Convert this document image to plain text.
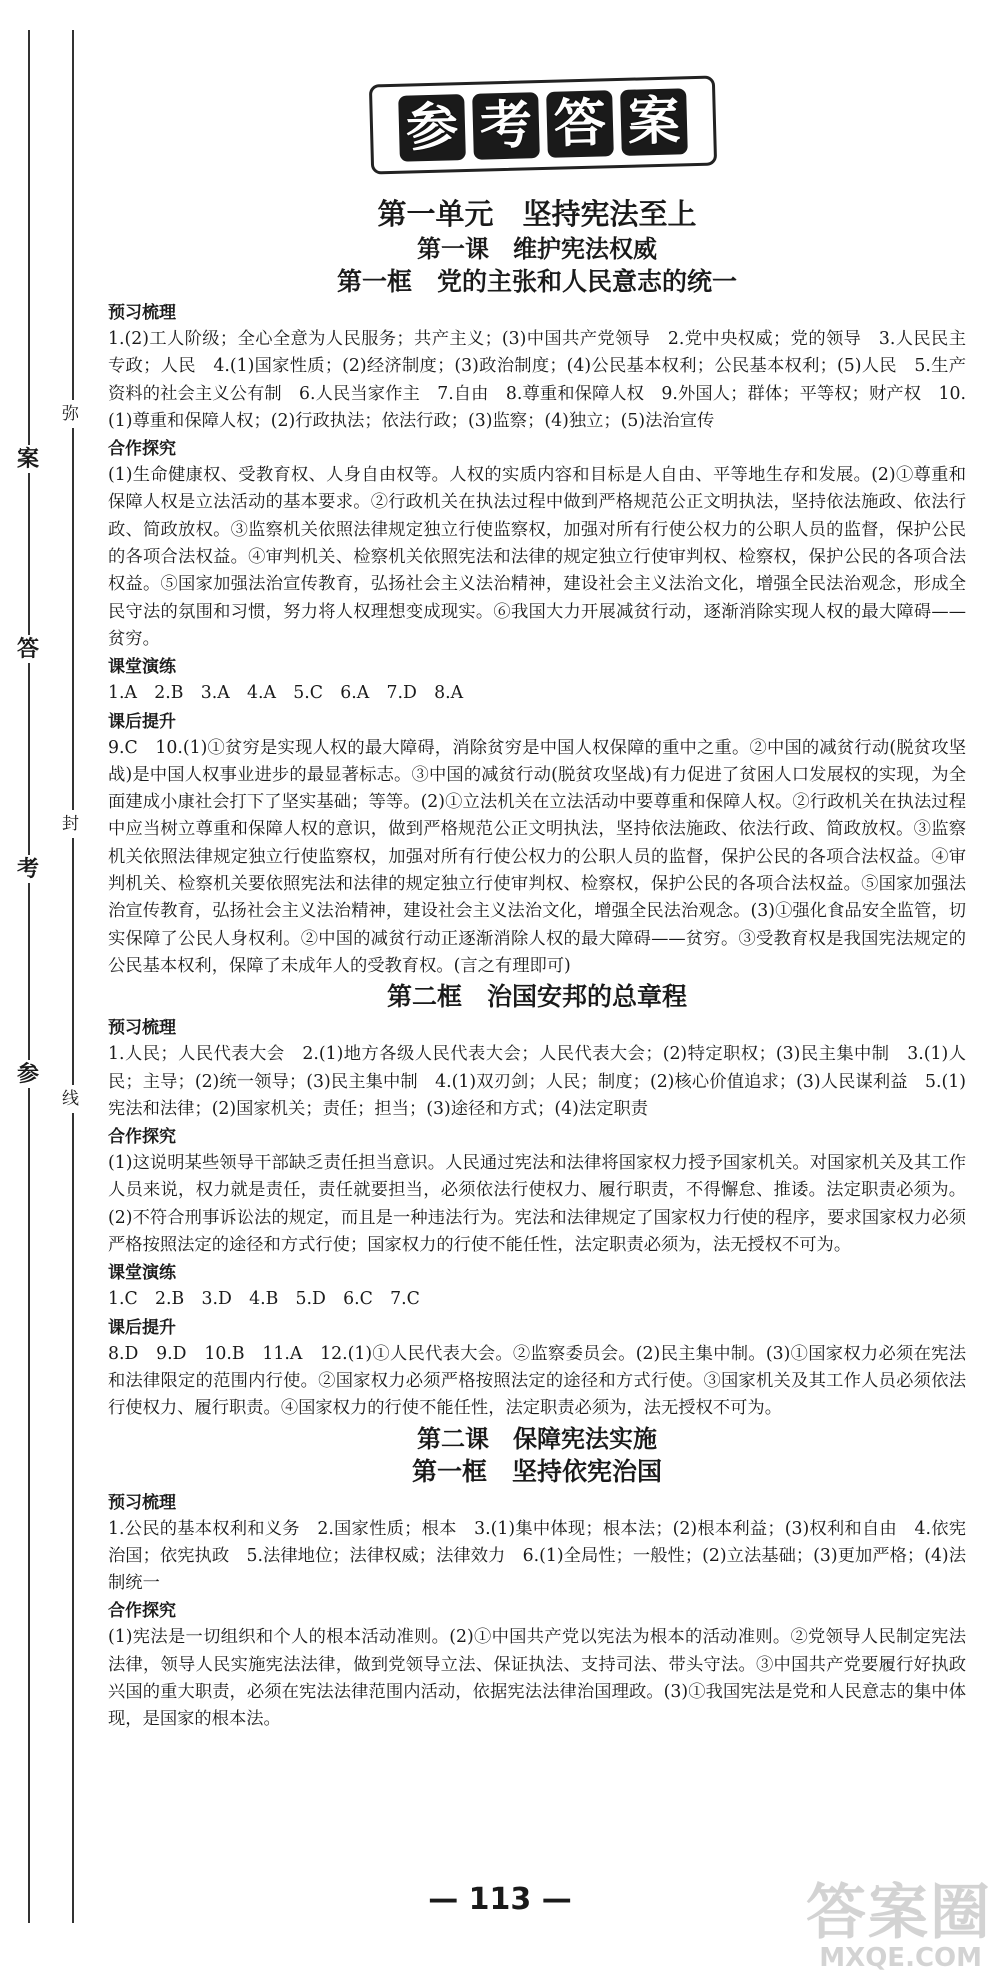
弥
案
答
封
考
参
线
参 考 答 案

第一单元　坚持宪法至上

第一课　维护宪法权威

第一框　党的主张和人民意志的统一

预习梳理

1.(2)工人阶级；全心全意为人民服务；共产主义；(3)中国共产党领导　2.党中央权威；党的领导　3.人民民主专政；人民　4.(1)国家性质；(2)经济制度；(3)政治制度；(4)公民基本权利；公民基本权利；(5)人民　5.生产资料的社会主义公有制　6.人民当家作主　7.自由　8.尊重和保障人权　9.外国人；群体；平等权；财产权　10.(1)尊重和保障人权；(2)行政执法；依法行政；(3)监察；(4)独立；(5)法治宣传

合作探究

(1)生命健康权、受教育权、人身自由权等。人权的实质内容和目标是人自由、平等地生存和发展。(2)①尊重和保障人权是立法活动的基本要求。②行政机关在执法过程中做到严格规范公正文明执法，坚持依法施政、依法行政、简政放权。③监察机关依照法律规定独立行使监察权，加强对所有行使公权力的公职人员的监督，保护公民的各项合法权益。④审判机关、检察机关依照宪法和法律的规定独立行使审判权、检察权，保护公民的各项合法权益。⑤国家加强法治宣传教育，弘扬社会主义法治精神，建设社会主义法治文化，增强全民法治观念，形成全民守法的氛围和习惯，努力将人权理想变成现实。⑥我国大力开展减贫行动，逐渐消除实现人权的最大障碍——贫穷。

课堂演练

1.A　2.B　3.A　4.A　5.C　6.A　7.D　8.A

课后提升

9.C　10.(1)①贫穷是实现人权的最大障碍，消除贫穷是中国人权保障的重中之重。②中国的减贫行动(脱贫攻坚战)是中国人权事业进步的最显著标志。③中国的减贫行动(脱贫攻坚战)有力促进了贫困人口发展权的实现，为全面建成小康社会打下了坚实基础；等等。(2)①立法机关在立法活动中要尊重和保障人权。②行政机关在执法过程中应当树立尊重和保障人权的意识，做到严格规范公正文明执法，坚持依法施政、依法行政、简政放权。③监察机关依照法律规定独立行使监察权，加强对所有行使公权力的公职人员的监督，保护公民的各项合法权益。④审判机关、检察机关要依照宪法和法律的规定独立行使审判权、检察权，保护公民的各项合法权益。⑤国家加强法治宣传教育，弘扬社会主义法治精神，建设社会主义法治文化，增强全民法治观念。(3)①强化食品安全监管，切实保障了公民人身权利。②中国的减贫行动正逐渐消除人权的最大障碍——贫穷。③受教育权是我国宪法规定的公民基本权利，保障了未成年人的受教育权。(言之有理即可)

第二框　治国安邦的总章程

预习梳理

1.人民；人民代表大会　2.(1)地方各级人民代表大会；人民代表大会；(2)特定职权；(3)民主集中制　3.(1)人民；主导；(2)统一领导；(3)民主集中制　4.(1)双刃剑；人民；制度；(2)核心价值追求；(3)人民谋利益　5.(1)宪法和法律；(2)国家机关；责任；担当；(3)途径和方式；(4)法定职责

合作探究

(1)这说明某些领导干部缺乏责任担当意识。人民通过宪法和法律将国家权力授予国家机关。对国家机关及其工作人员来说，权力就是责任，责任就要担当，必须依法行使权力、履行职责，不得懈怠、推诿。法定职责必须为。(2)不符合刑事诉讼法的规定，而且是一种违法行为。宪法和法律规定了国家权力行使的程序，要求国家权力必须严格按照法定的途径和方式行使；国家权力的行使不能任性，法定职责必须为，法无授权不可为。

课堂演练

1.C　2.B　3.D　4.B　5.D　6.C　7.C

课后提升

8.D　9.D　10.B　11.A　12.(1)①人民代表大会。②监察委员会。(2)民主集中制。(3)①国家权力必须在宪法和法律限定的范围内行使。②国家权力必须严格按照法定的途径和方式行使。③国家机关及其工作人员必须依法行使权力、履行职责。④国家权力的行使不能任性，法定职责必须为，法无授权不可为。

第二课　保障宪法实施

第一框　坚持依宪治国

预习梳理

1.公民的基本权利和义务　2.国家性质；根本　3.(1)集中体现；根本法；(2)根本利益；(3)权利和自由　4.依宪治国；依宪执政　5.法律地位；法律权威；法律效力　6.(1)全局性；一般性；(2)立法基础；(3)更加严格；(4)法制统一

合作探究

(1)宪法是一切组织和个人的根本活动准则。(2)①中国共产党以宪法为根本的活动准则。②党领导人民制定宪法法律，领导人民实施宪法法律，做到党领导立法、保证执法、支持司法、带头守法。③中国共产党要履行好执政兴国的重大职责，必须在宪法法律范围内活动，依据宪法法律治国理政。(3)①我国宪法是党和人民意志的集中体现，是国家的根本法。

— 113 —	答案圈
MXQE.COM
